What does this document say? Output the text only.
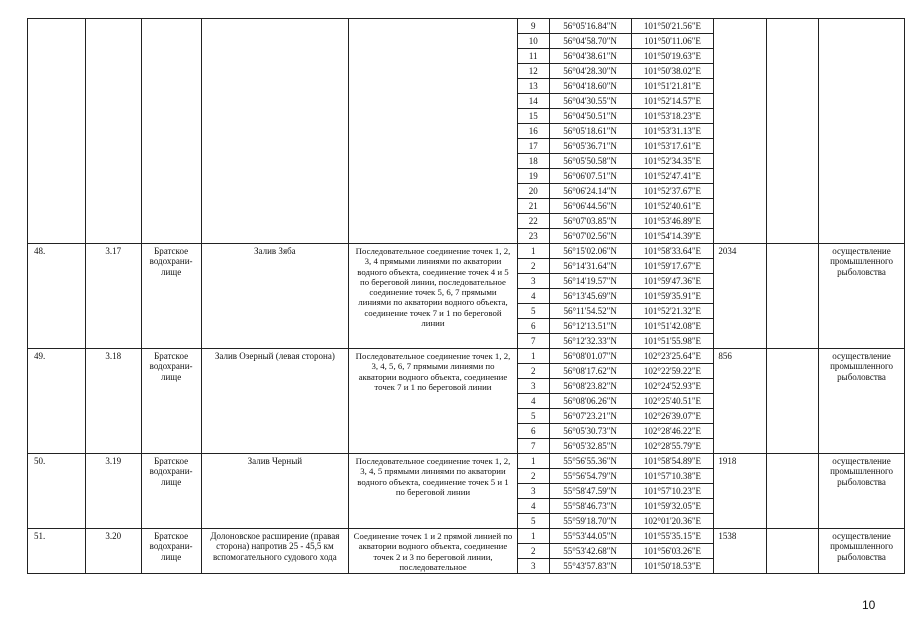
					9	56°05'16.84"N	101°50'21.56"E			
					10	56°04'58.70"N	101°50'11.06"E			
					11	56°04'38.61"N	101°50'19.63"E			
					12	56°04'28.30"N	101°50'38.02"E			
					13	56°04'18.60"N	101°51'21.81"E			
					14	56°04'30.55"N	101°52'14.57"E			
					15	56°04'50.51"N	101°53'18.23"E			
					16	56°05'18.61"N	101°53'31.13"E			
					17	56°05'36.71"N	101°53'17.61"E			
					18	56°05'50.58"N	101°52'34.35"E			
					19	56°06'07.51"N	101°52'47.41"E			
					20	56°06'24.14"N	101°52'37.67"E			
					21	56°06'44.56"N	101°52'40.61"E			
					22	56°07'03.85"N	101°53'46.89"E			
					23	56°07'02.56"N	101°54'14.39"E			
48.	3.17	Братское водохрани-лище	Залив Зяба	Последовательное соединение точек 1, 2, 3, 4 прямыми линиями по акватории водного объекта, соединение точек 4 и 5 по береговой линии, последовательное соединение точек 5, 6, 7 прямыми линиями по акватории водного объекта, соединение точек 7 и 1 по береговой линии	1	56°15'02.06"N	101°58'33.64"E	2034		осуществление промышленного рыболовства
					2	56°14'31.64"N	101°59'17.67"E			
					3	56°14'19.57"N	101°59'47.36"E			
					4	56°13'45.69"N	101°59'35.91"E			
					5	56°11'54.52"N	101°52'21.32"E			
					6	56°12'13.51"N	101°51'42.08"E			
					7	56°12'32.33"N	101°51'55.98"E			
49.	3.18	Братское водохрани-лище	Залив Озерный (левая сторона)	Последовательное соединение точек 1, 2, 3, 4, 5, 6, 7 прямыми линиями по акватории водного объекта, соединение точек 7 и 1 по береговой линии	1	56°08'01.07"N	102°23'25.64"E	856		осуществление промышленного рыболовства
					2	56°08'17.62"N	102°22'59.22"E			
					3	56°08'23.82"N	102°24'52.93"E			
					4	56°08'06.26"N	102°25'40.51"E			
					5	56°07'23.21"N	102°26'39.07"E			
					6	56°05'30.73"N	102°28'46.22"E			
					7	56°05'32.85"N	102°28'55.79"E			
50.	3.19	Братское водохрани-лище	Залив Черный	Последовательное соединение точек 1, 2, 3, 4, 5 прямыми линиями по акватории водного объекта, соединение точек 5 и 1 по береговой линии	1	55°56'55.36"N	101°58'54.89"E	1918		осуществление промышленного рыболовства
					2	55°56'54.79"N	101°57'10.38"E			
					3	55°58'47.59"N	101°57'10.23"E			
					4	55°58'46.73"N	101°59'32.05"E			
					5	55°59'18.70"N	102°01'20.36"E			
51.	3.20	Братское водохрани-лище	Долоновское расширение (правая сторона) напротив 25 - 45,5 км вспомогательного судового хода	Соединение точек 1 и 2 прямой линией по акватории водного объекта, соединение точек 2 и 3 по береговой линии, последовательное	1	55°53'44.05"N	101°55'35.15"E	1538		осуществление промышленного рыболовства
					2	55°53'42.68"N	101°56'03.26"E			
					3	55°43'57.83"N	101°50'18.53"E			
10
